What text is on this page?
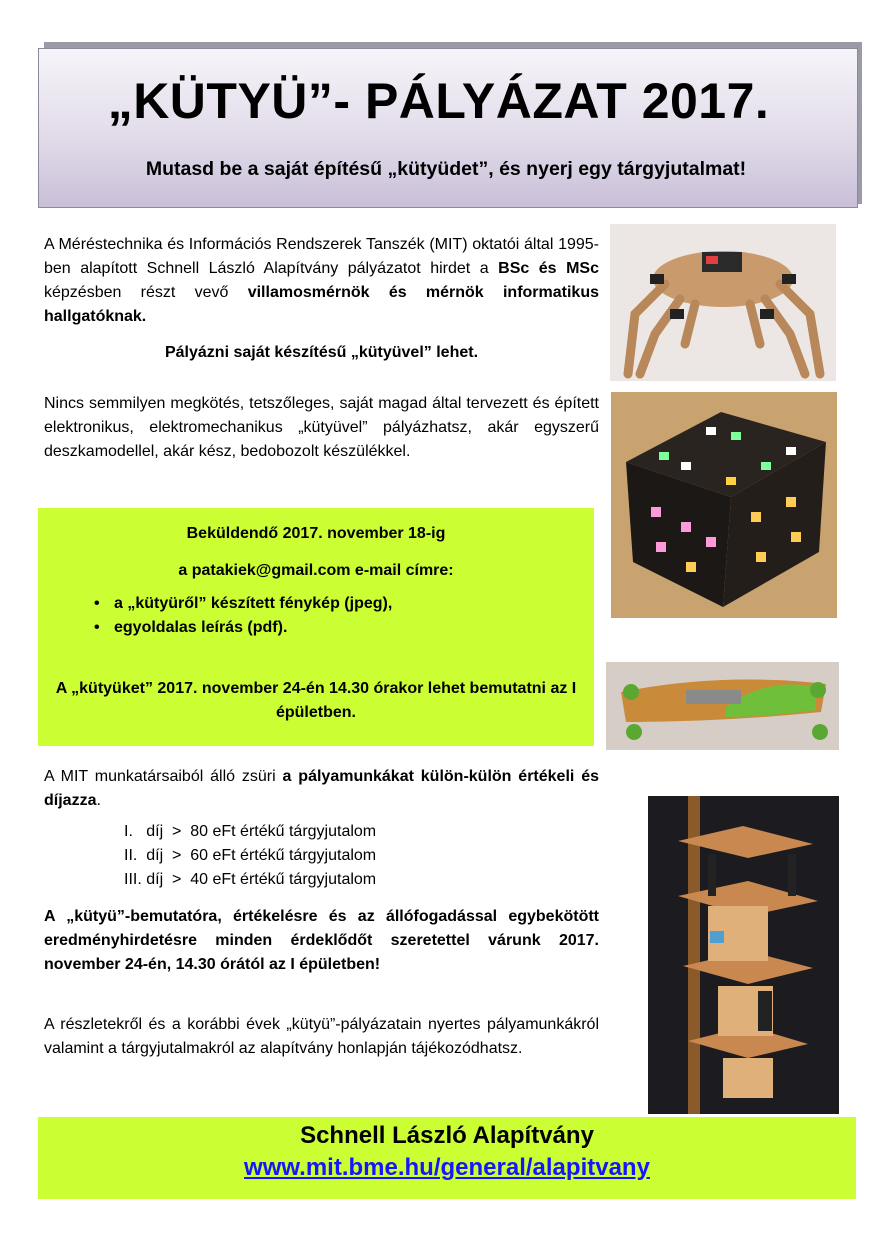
„KÜTYÜ”- PÁLYÁZAT 2017.
Mutasd be a saját építésű „kütyüdet”, és nyerj egy tárgyjutalmat!
A Méréstechnika és Információs Rendszerek Tanszék (MIT) oktatói által 1995-ben alapított Schnell László Alapítvány pályázatot hirdet a BSc és MSc képzésben részt vevő villamosmérnök és mérnök informatikus hallgatóknak.
Pályázni saját készítésű „kütyüvel” lehet.
Nincs semmilyen megkötés, tetszőleges, saját magad által tervezett és épített elektronikus, elektromechanikus „kütyüvel” pályázhatsz, akár egyszerű deszkamodellel, akár kész, bedobozolt készülékkel.
Beküldendő 2017. november 18-ig
a patakiek@gmail.com e-mail címre:
• a „kütyüről” készített fénykép (jpeg),
• egyoldalas leírás (pdf).
A „kütyüket” 2017. november 24-én 14.30 órakor lehet bemutatni az I épületben.
A MIT munkatársaiból álló zsüri a pályamunkákat külön-külön értékeli és díjazza.
I.   díj  >  80 eFt értékű tárgyjutalom
II.  díj  >  60 eFt értékű tárgyjutalom
III. díj  >  40 eFt értékű tárgyjutalom
A „kütyü”-bemutatóra, értékelésre és az állófogadással egybekötött eredményhirdetésre minden érdeklődőt szeretettel várunk 2017. november 24-én, 14.30 órától az I épületben!
A részletekről és a korábbi évek „kütyü”-pályázatain nyertes pályamunkákról valamint a tárgyjutalmakról az alapítvány honlapján tájékozódhatsz.
Schnell László Alapítvány
www.mit.bme.hu/general/alapitvany
